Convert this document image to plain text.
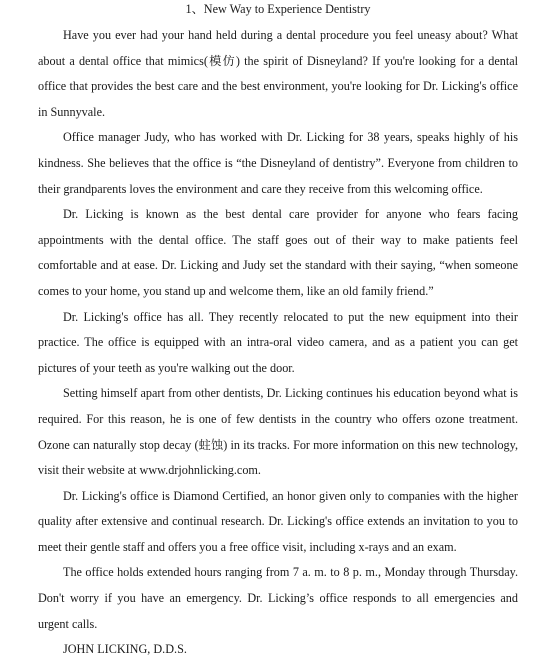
1、New Way to Experience Dentistry

Have you ever had your hand held during a dental procedure you feel uneasy about? What about a dental office that mimics(模仿) the spirit of Disneyland? If you're looking for a dental office that provides the best care and the best environment, you're looking for Dr. Licking's office in Sunnyvale.

Office manager Judy, who has worked with Dr. Licking for 38 years, speaks highly of his kindness. She believes that the office is “the Disneyland of dentistry”. Everyone from children to their grandparents loves the environment and care they receive from this welcoming office.

Dr. Licking is known as the best dental care provider for anyone who fears facing appointments with the dental office. The staff goes out of their way to make patients feel comfortable and at ease. Dr. Licking and Judy set the standard with their saying, “when someone comes to your home, you stand up and welcome them, like an old family friend.”

Dr. Licking's office has all. They recently relocated to put the new equipment into their practice. The office is equipped with an intra-oral video camera, and as a patient you can get pictures of your teeth as you're walking out the door.

Setting himself apart from other dentists, Dr. Licking continues his education beyond what is required. For this reason, he is one of few dentists in the country who offers ozone treatment. Ozone can naturally stop decay (蛀蚀) in its tracks. For more information on this new technology, visit their website at www.drjohnlicking.com.

Dr. Licking's office is Diamond Certified, an honor given only to companies with the higher quality after extensive and continual research. Dr. Licking's office extends an invitation to you to meet their gentle staff and offers you a free office visit, including x-rays and an exam.

The office holds extended hours ranging from 7 a. m. to 8 p. m., Monday through Thursday. Don't worry if you have an emergency. Dr. Licking’s office responds to all emergencies and urgent calls.

JOHN LICKING, D.D.S.
